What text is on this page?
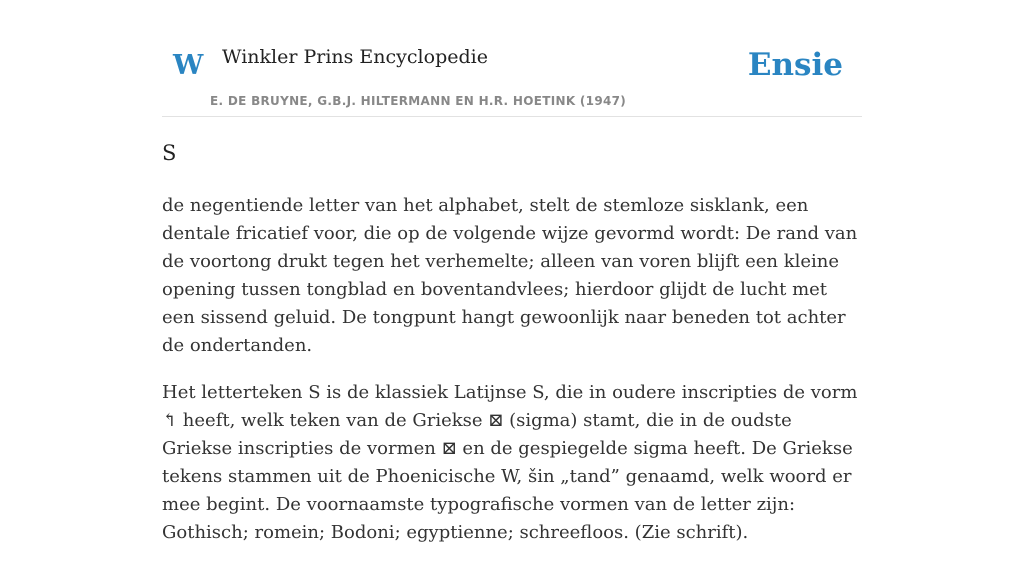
W Winkler Prins Encyclopedie	Ensie
E. DE BRUYNE, G.B.J. HILTERMANN EN H.R. HOETINK (1947)
S

de negentiende letter van het alphabet, stelt de stemloze sisklank, een dentale fricatief voor, die op de volgende wijze gevormd wordt: De rand van de voortong drukt tegen het verhemelte; alleen van voren blijft een kleine opening tussen tongblad en boventandvlees; hierdoor glijdt de lucht met een sissend geluid. De tongpunt hangt gewoonlijk naar beneden tot achter de ondertanden.

Het letterteken S is de klassiek Latijnse S, die in oudere inscripties de vorm ↰ heeft, welk teken van de Griekse ⊠ (sigma) stamt, die in de oudste Griekse inscripties de vormen ⊠ en de gespiegelde sigma heeft. De Griekse tekens stammen uit de Phoenicische W, šin „tand” genaamd, welk woord er mee begint. De voornaamste typografische vormen van de letter zijn: Gothisch; romein; Bodoni; egyptienne; schreefloos. (Zie schrift).
